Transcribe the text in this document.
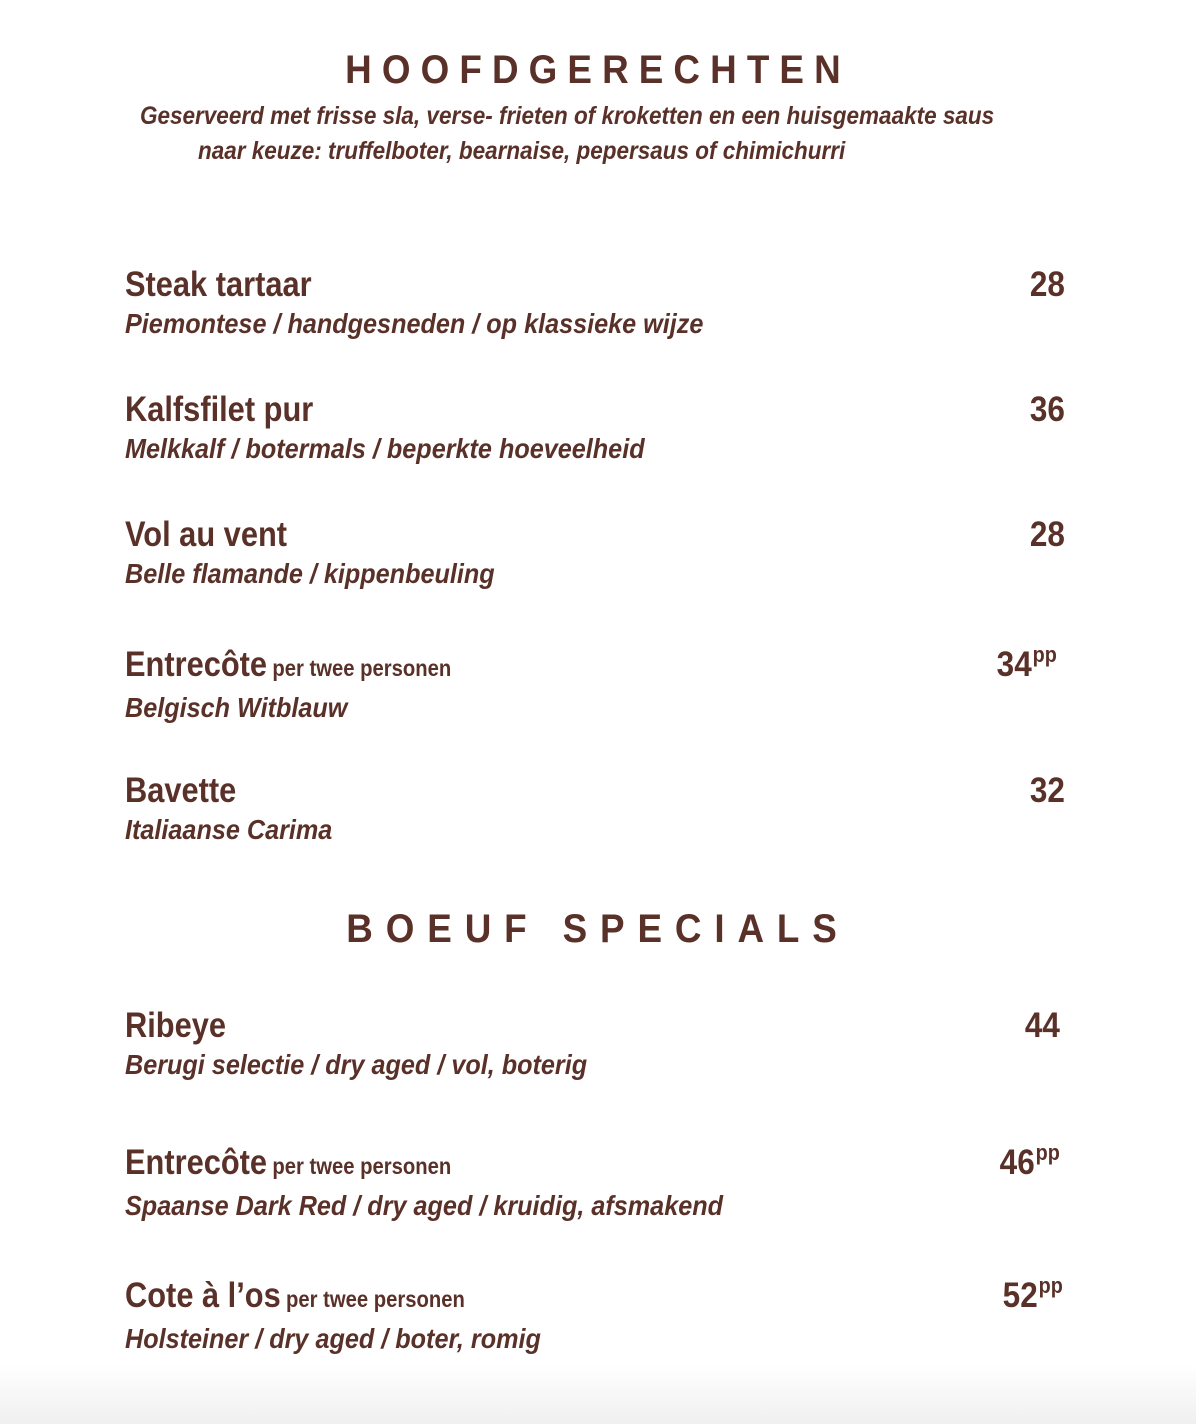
HOOFDGERECHTEN

Geserveerd met frisse sla, verse- frieten of kroketten en een huisgemaakte saus

naar keuze: truffelboter, bearnaise, pepersaus of chimichurri

Steak tartaar	28
Piemontese / handgesneden / op klassieke wijze
Kalfsfilet pur	36
Melkkalf / botermals / beperkte hoeveelheid
Vol au vent	28
Belle flamande / kippenbeuling
Entrecôte per twee personen	$34^{pp}$
Belgisch Witblauw
Bavette	32
Italiaanse Carima
BOEUF SPECIALS
Ribeye	44
Berugi selectie / dry aged / vol, boterig
Entrecôte per twee personen	$46^{pp}$
Spaanse Dark Red / dry aged / kruidig, afsmakend
Cote à l’os per twee personen	$52^{pp}$
Holsteiner / dry aged / boter, romig
